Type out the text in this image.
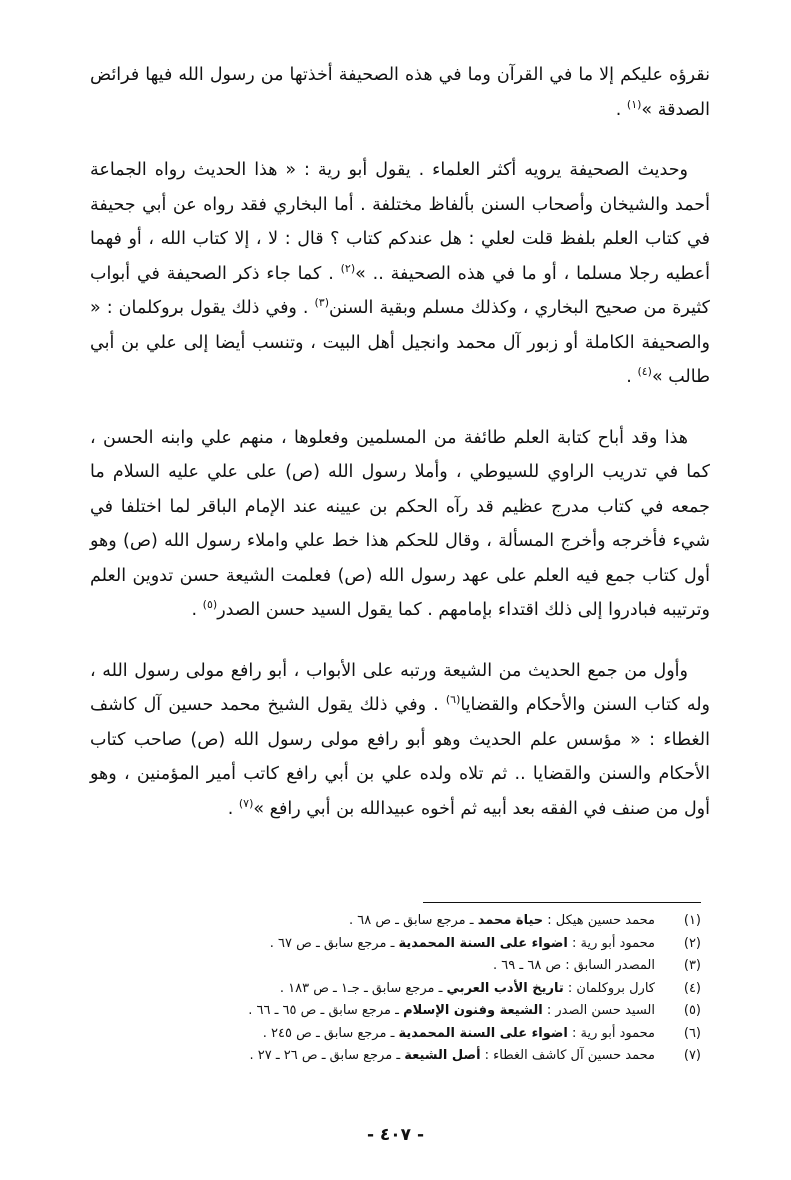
نقرؤه عليكم إلا ما في القرآن وما في هذه الصحيفة أخذتها من رسول الله فيها فرائض الصدقة »$^{(١)}$ .

وحديث الصحيفة يرويه أكثر العلماء . يقول أبو رية : « هذا الحديث رواه الجماعة أحمد والشيخان وأصحاب السنن بألفاظ مختلفة . أما البخاري فقد رواه عن أبي جحيفة في كتاب العلم بلفظ قلت لعلي : هل عندكم كتاب ؟ قال : لا ، إلا كتاب الله ، أو فهما أعطيه رجلا مسلما ، أو ما في هذه الصحيفة .. »$^{(٢)}$ . كما جاء ذكر الصحيفة في أبواب كثيرة من صحيح البخاري ، وكذلك مسلم وبقية السنن$^{(٣)}$ . وفي ذلك يقول بروكلمان : « والصحيفة الكاملة أو زبور آل محمد وانجيل أهل البيت ، وتنسب أيضا إلى علي بن أبي طالب »$^{(٤)}$ .

هذا وقد أباح كتابة العلم طائفة من المسلمين وفعلوها ، منهم علي وابنه الحسن ، كما في تدريب الراوي للسيوطي ، وأملا رسول الله (ص) على علي عليه السلام ما جمعه في كتاب مدرج عظيم قد رآه الحكم بن عيينه عند الإمام الباقر لما اختلفا في شيء فأخرجه وأخرج المسألة ، وقال للحكم هذا خط علي واملاء رسول الله (ص) وهو أول كتاب جمع فيه العلم على عهد رسول الله (ص) فعلمت الشيعة حسن تدوين العلم وترتيبه فبادروا إلى ذلك اقتداء بإمامهم . كما يقول السيد حسن الصدر$^{(٥)}$ .

وأول من جمع الحديث من الشيعة ورتبه على الأبواب ، أبو رافع مولى رسول الله ، وله كتاب السنن والأحكام والقضايا$^{(٦)}$ . وفي ذلك يقول الشيخ محمد حسين آل كاشف الغطاء : « مؤسس علم الحديث وهو أبو رافع مولى رسول الله (ص) صاحب كتاب الأحكام والسنن والقضايا .. ثم تلاه ولده علي بن أبي رافع كاتب أمير المؤمنين ، وهو أول من صنف في الفقه بعد أبيه ثم أخوه عبيدالله بن أبي رافع »$^{(٧)}$ .

(١)
محمد حسين هيكل : حياة محمد ـ مرجع سابق ـ ص ٦٨ .
(٢)
محمود أبو رية : اضواء على السنة المحمدية ـ مرجع سابق ـ ص ٦٧ .
(٣)
المصدر السابق : ص ٦٨ ـ ٦٩ .
(٤)
كارل بروكلمان : تاريخ الأدب العربي ـ مرجع سابق ـ جـ١ ـ ص ١٨٣ .
(٥)
السيد حسن الصدر : الشيعة وفنون الإسلام ـ مرجع سابق ـ ص ٦٥ ـ ٦٦ .
(٦)
محمود أبو رية : اضواء على السنة المحمدية ـ مرجع سابق ـ ص ٢٤٥ .
(٧)
محمد حسين آل كاشف الغطاء : أصل الشيعة ـ مرجع سابق ـ ص ٢٦ ـ ٢٧ .
- ٤٠٧ -
